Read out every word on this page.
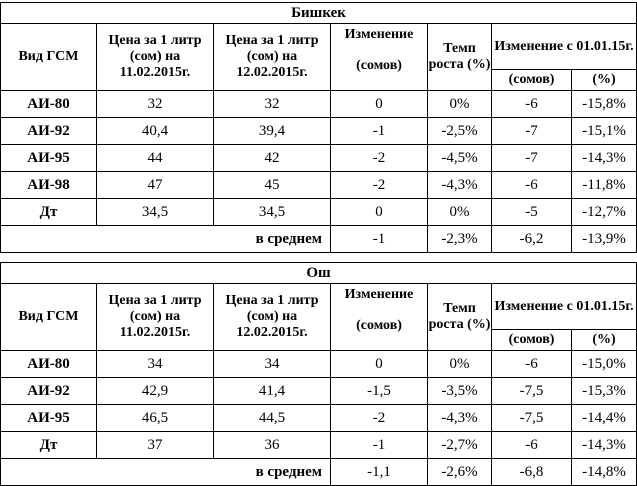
Бишкек						
Вид ГСМ	Цена за 1 литр (сом) на 11.02.2015г.	Цена за 1 литр (сом) на 12.02.2015г.	Изменение
(сомов)	Темп роста (%)	Изменение с 01.01.15г.	
					(сомов)	(%)
АИ-80	32	32	0	0%	-6	-15,8%
АИ-92	40,4	39,4	-1	-2,5%	-7	-15,1%
АИ-95	44	42	-2	-4,5%	-7	-14,3%
АИ-98	47	45	-2	-4,3%	-6	-11,8%
Дт	34,5	34,5	0	0%	-5	-12,7%
в среднем			-1	-2,3%	-6,2	-13,9%
Ош						
Вид ГСМ	Цена за 1 литр (сом) на 11.02.2015г.	Цена за 1 литр (сом) на 12.02.2015г.	Изменение
(сомов)	Темп роста (%)	Изменение с 01.01.15г.	
					(сомов)	(%)
АИ-80	34	34	0	0%	-6	-15,0%
АИ-92	42,9	41,4	-1,5	-3,5%	-7,5	-15,3%
АИ-95	46,5	44,5	-2	-4,3%	-7,5	-14,4%
Дт	37	36	-1	-2,7%	-6	-14,3%
в среднем			-1,1	-2,6%	-6,8	-14,8%
